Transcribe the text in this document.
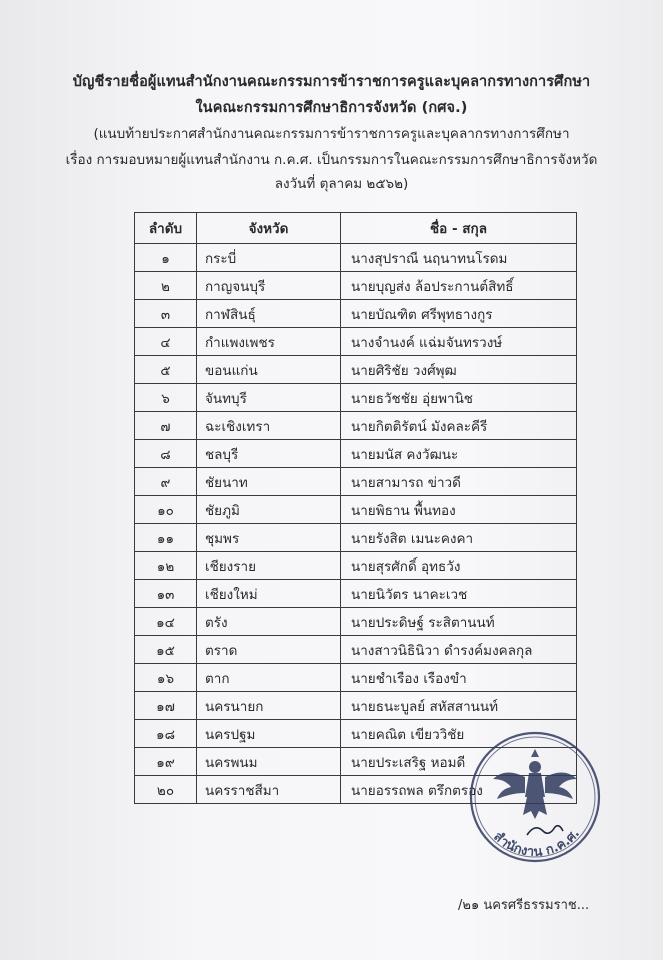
บัญชีรายชื่อผู้แทนสำนักงานคณะกรรมการข้าราชการครูและบุคลากรทางการศึกษา
ในคณะกรรมการศึกษาธิการจังหวัด (กศจ.)
(แนบท้ายประกาศสำนักงานคณะกรรมการข้าราชการครูและบุคลากรทางการศึกษา
เรื่อง การมอบหมายผู้แทนสำนักงาน ก.ค.ศ. เป็นกรรมการในคณะกรรมการศึกษาธิการจังหวัด
ลงวันที่ ตุลาคม ๒๕๖๒)
ลำดับ	จังหวัด	ชื่อ - สกุล
๑	กระบี่	นางสุปราณี นฤนาทนโรดม
๒	กาญจนบุรี	นายบุญส่ง ล้อประกานต์สิทธิ์
๓	กาฬสินธุ์	นายบัณฑิต ศรีพุทธางกูร
๔	กำแพงเพชร	นางจำนงค์ แฉ่มจันทรวงษ์
๕	ขอนแก่น	นายศิริชัย วงศ์พุฒ
๖	จันทบุรี	นายธวัชชัย อุ่ยพานิช
๗	ฉะเชิงเทรา	นายกิตติรัตน์ มังคละคีรี
๘	ชลบุรี	นายมนัส คงวัฒนะ
๙	ชัยนาท	นายสามารถ ข่าวดี
๑๐	ชัยภูมิ	นายพิธาน พื้นทอง
๑๑	ชุมพร	นายรังสิต เมนะคงคา
๑๒	เชียงราย	นายสุรศักดิ์ อุทธวัง
๑๓	เชียงใหม่	นายนิวัตร นาคะเวช
๑๔	ตรัง	นายประดิษฐ์ ระสิตานนท์
๑๕	ตราด	นางสาวนิธินิวา ดำรงค์มงคลกุล
๑๖	ตาก	นายชำเรือง เรืองขำ
๑๗	นครนายก	นายธนะบูลย์ สหัสสานนท์
๑๘	นครปฐม	นายคณิต เขียววิชัย
๑๙	นครพนม	นายประเสริฐ หอมดี
๒๐	นครราชสีมา	นายอรรถพล ตรึกตรอง
สำนักงาน ก.ค.ศ.
/๒๑ นครศรีธรรมราช...
